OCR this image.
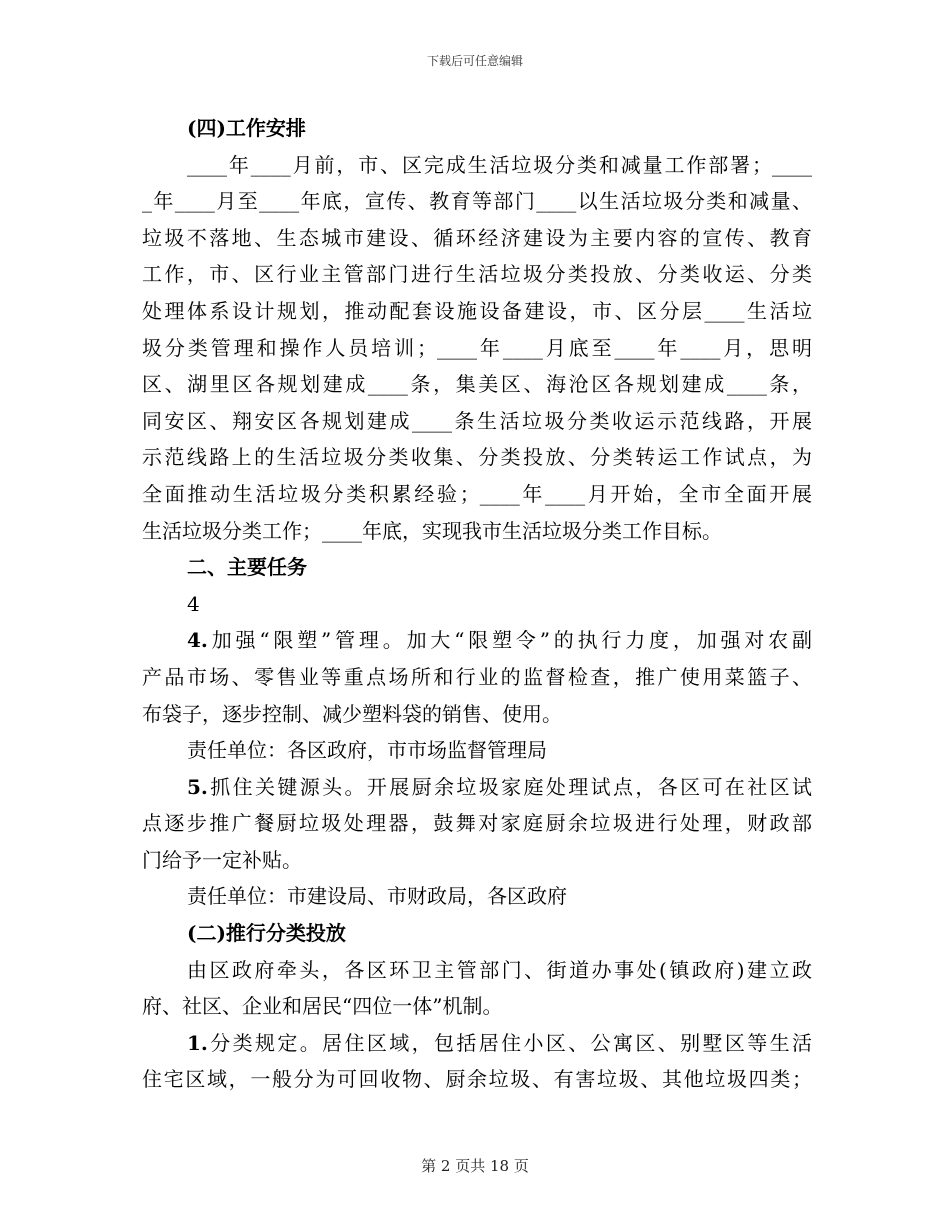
下载后可任意编辑
(四)工作安排
____年____月前，市、区完成生活垃圾分类和减量工作部署；____
_年____月至____年底，宣传、教育等部门____以生活垃圾分类和减量、
垃圾不落地、生态城市建设、循环经济建设为主要内容的宣传、教育
工作，市、区行业主管部门进行生活垃圾分类投放、分类收运、分类
处理体系设计规划，推动配套设施设备建设，市、区分层____生活垃
圾分类管理和操作人员培训；____年____月底至____年____月，思明
区、湖里区各规划建成____条，集美区、海沧区各规划建成____条，
同安区、翔安区各规划建成____条生活垃圾分类收运示范线路，开展
示范线路上的生活垃圾分类收集、分类投放、分类转运工作试点，为
全面推动生活垃圾分类积累经验；____年____月开始，全市全面开展
生活垃圾分类工作；____年底，实现我市生活垃圾分类工作目标。
二、主要任务
4
4.加强“限塑”管理。加大“限塑令”的执行力度，加强对农副
产品市场、零售业等重点场所和行业的监督检查，推广使用菜篮子、
布袋子，逐步控制、减少塑料袋的销售、使用。
责任单位：各区政府，市市场监督管理局
5.抓住关键源头。开展厨余垃圾家庭处理试点，各区可在社区试
点逐步推广餐厨垃圾处理器，鼓舞对家庭厨余垃圾进行处理，财政部
门给予一定补贴。
责任单位：市建设局、市财政局，各区政府
(二)推行分类投放
由区政府牵头，各区环卫主管部门、街道办事处(镇政府)建立政
府、社区、企业和居民“四位一体”机制。
1.分类规定。居住区域，包括居住小区、公寓区、别墅区等生活
住宅区域，一般分为可回收物、厨余垃圾、有害垃圾、其他垃圾四类；
第 2 页共 18 页
